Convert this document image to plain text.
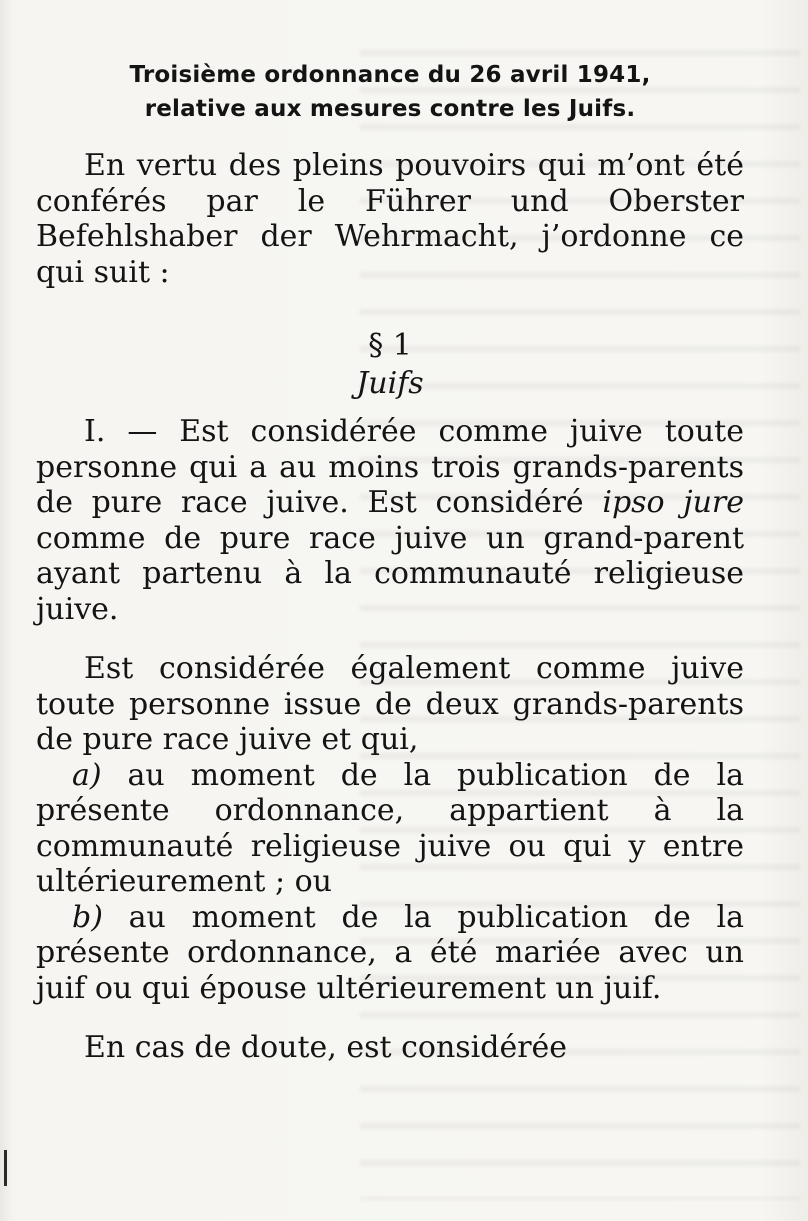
Troisième ordonnance du 26 avril 1941,
relative aux mesures contre les Juifs.

En vertu des pleins pouvoirs qui m’ont été conférés par le Führer und Oberster Befehlshaber der Wehrmacht, j’ordonne ce qui suit :

§ 1

Juifs

I. — Est considérée comme juive toute personne qui a au moins trois grands-parents de pure race juive. Est considéré ipso jure comme de pure race juive un grand-parent ayant partenu à la communauté religieuse juive.

Est considérée également comme juive toute personne issue de deux grands-parents de pure race juive et qui,

a) au moment de la publication de la présente ordonnance, appartient à la communauté religieuse juive ou qui y entre ultérieurement ; ou

b) au moment de la publication de la présente ordonnance, a été mariée avec un juif ou qui épouse ultérieurement un juif.

En cas de doute, est considérée
